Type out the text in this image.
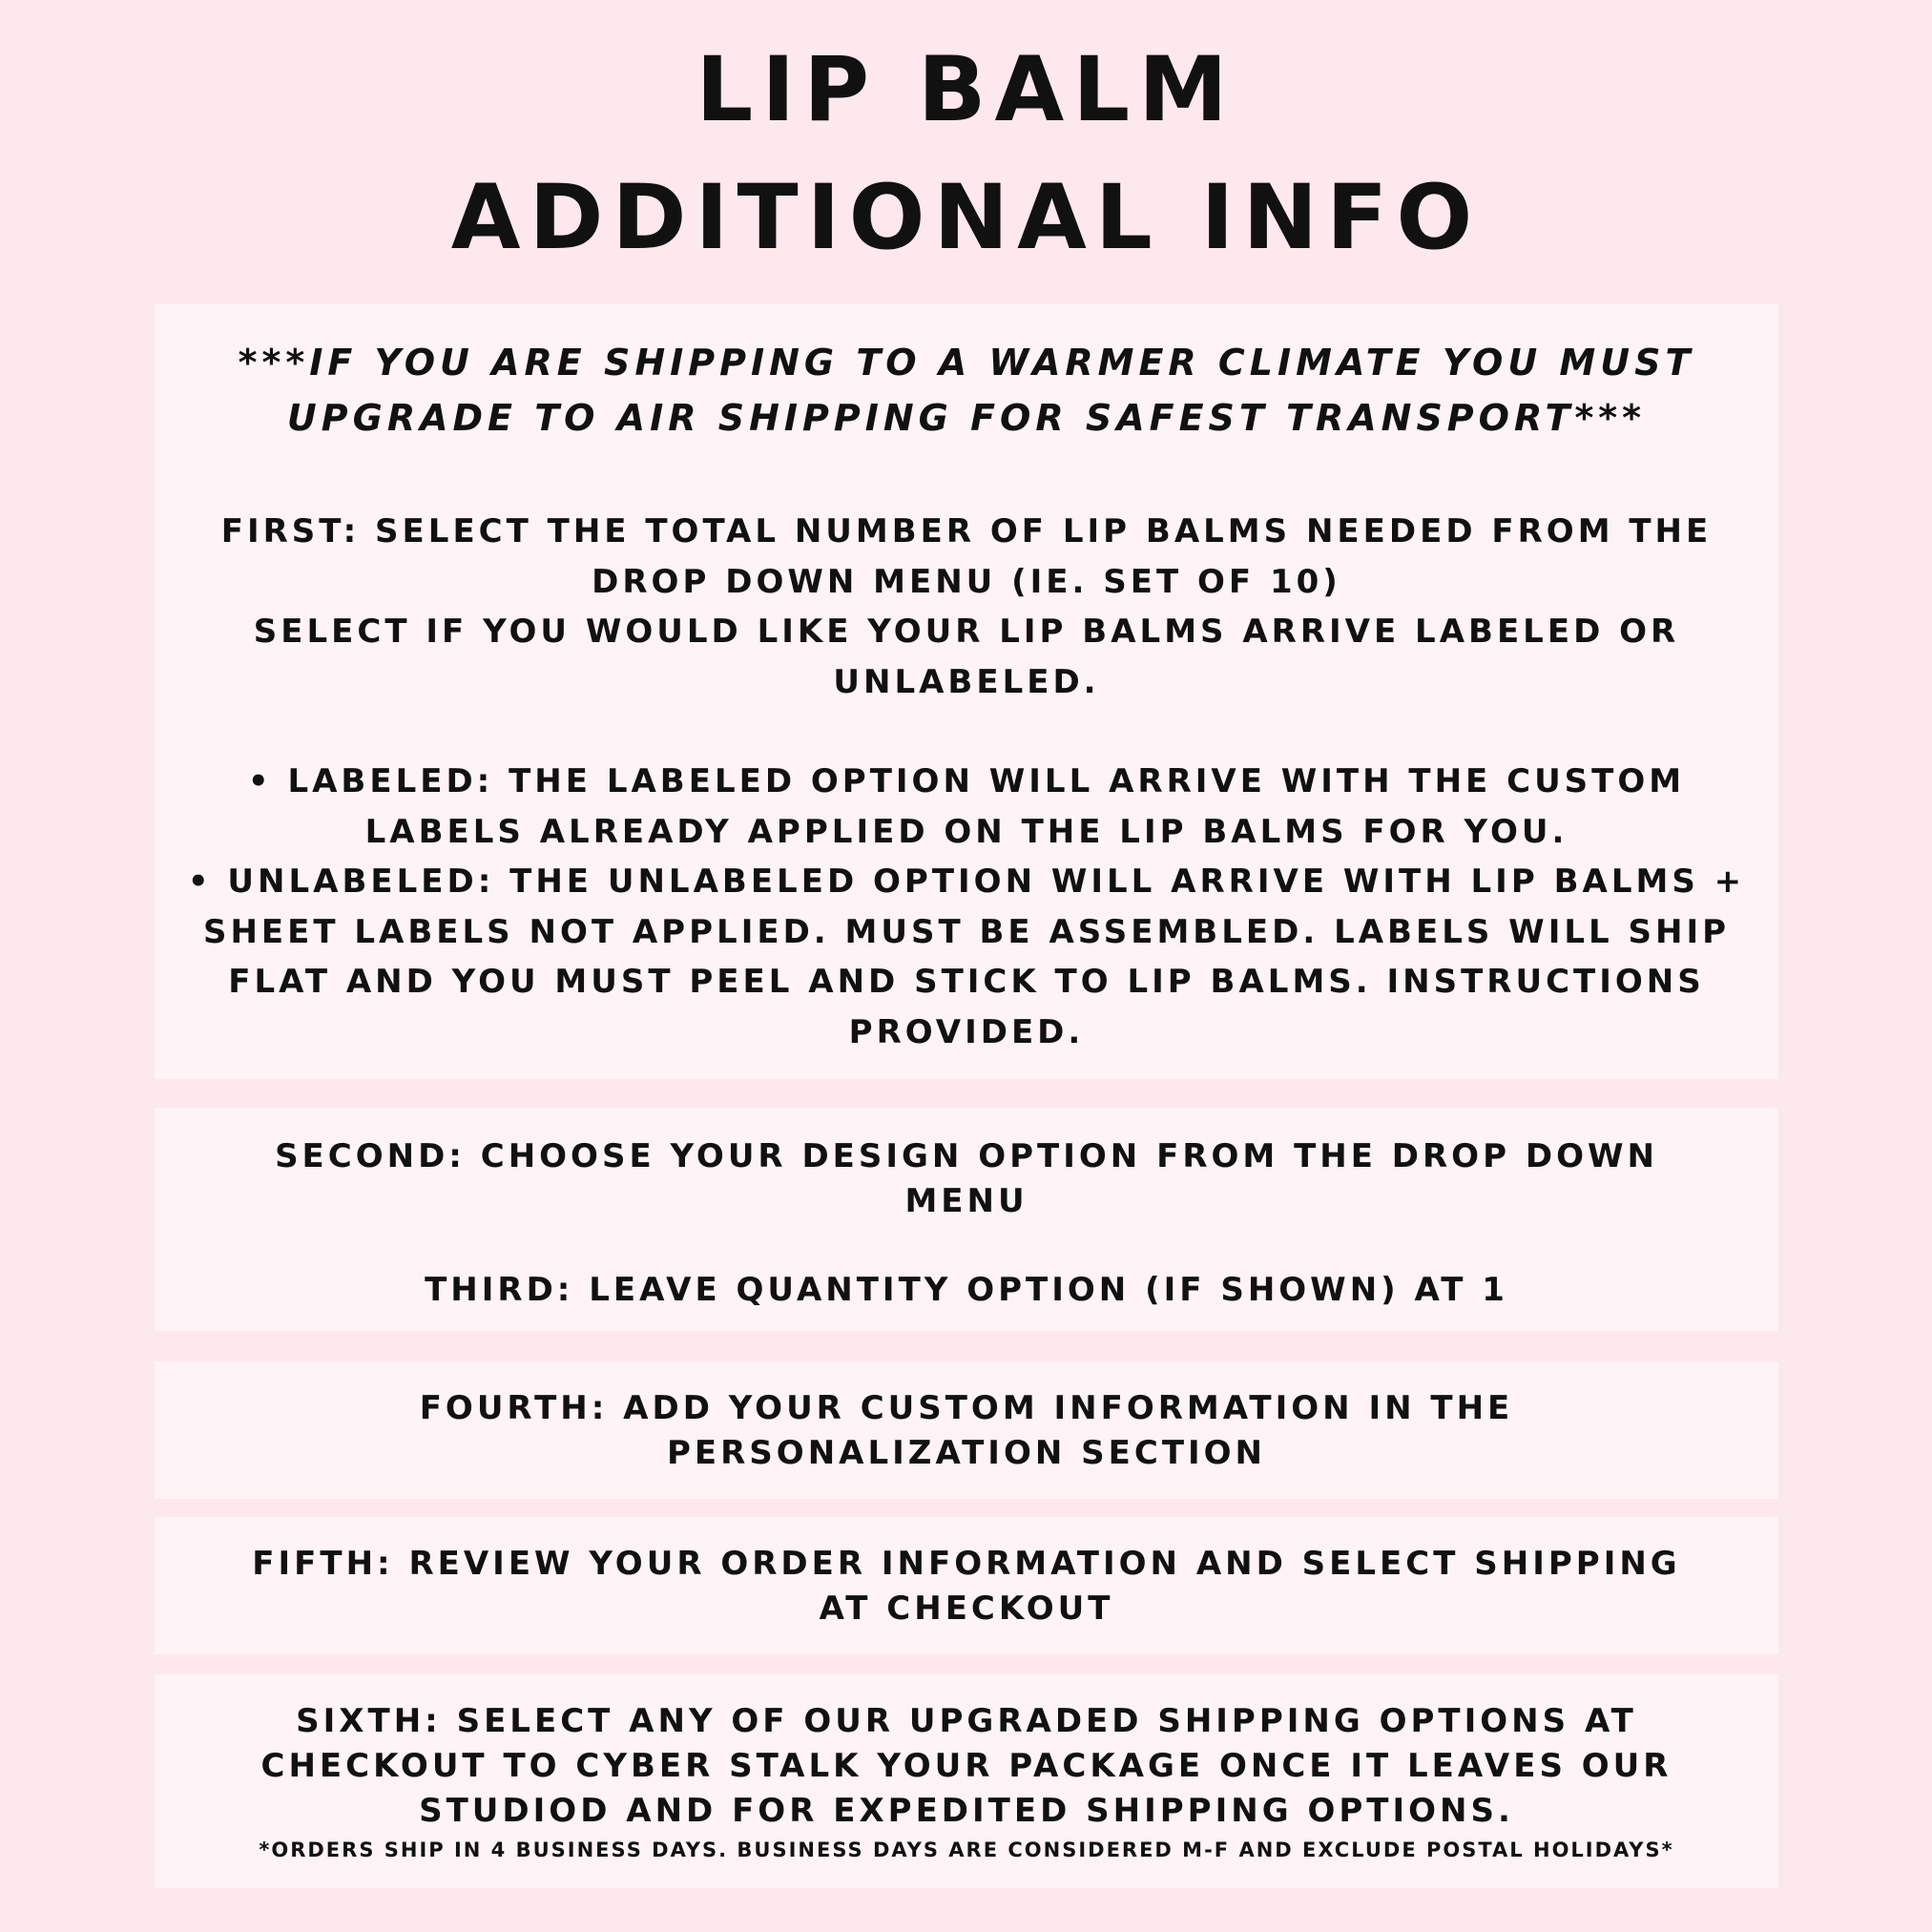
LIP BALM
ADDITIONAL INFO

***IF YOU ARE SHIPPING TO A WARMER CLIMATE YOU MUST UPGRADE TO AIR SHIPPING FOR SAFEST TRANSPORT***

FIRST: SELECT THE TOTAL NUMBER OF LIP BALMS NEEDED FROM THE DROP DOWN MENU (IE. SET OF 10)

SELECT IF YOU WOULD LIKE YOUR LIP BALMS ARRIVE LABELED OR UNLABELED.

• LABELED: THE LABELED OPTION WILL ARRIVE WITH THE CUSTOM LABELS ALREADY APPLIED ON THE LIP BALMS FOR YOU.

• UNLABELED: THE UNLABELED OPTION WILL ARRIVE WITH LIP BALMS + SHEET LABELS NOT APPLIED. MUST BE ASSEMBLED. LABELS WILL SHIP FLAT AND YOU MUST PEEL AND STICK TO LIP BALMS. INSTRUCTIONS PROVIDED.

SECOND: CHOOSE YOUR DESIGN OPTION FROM THE DROP DOWN MENU

THIRD: LEAVE QUANTITY OPTION (IF SHOWN) AT 1

FOURTH: ADD YOUR CUSTOM INFORMATION IN THE PERSONALIZATION SECTION

FIFTH: REVIEW YOUR ORDER INFORMATION AND SELECT SHIPPING AT CHECKOUT

SIXTH: SELECT ANY OF OUR UPGRADED SHIPPING OPTIONS AT CHECKOUT TO CYBER STALK YOUR PACKAGE ONCE IT LEAVES OUR STUDIOD AND FOR EXPEDITED SHIPPING OPTIONS.

*ORDERS SHIP IN 4 BUSINESS DAYS. BUSINESS DAYS ARE CONSIDERED M-F AND EXCLUDE POSTAL HOLIDAYS*
